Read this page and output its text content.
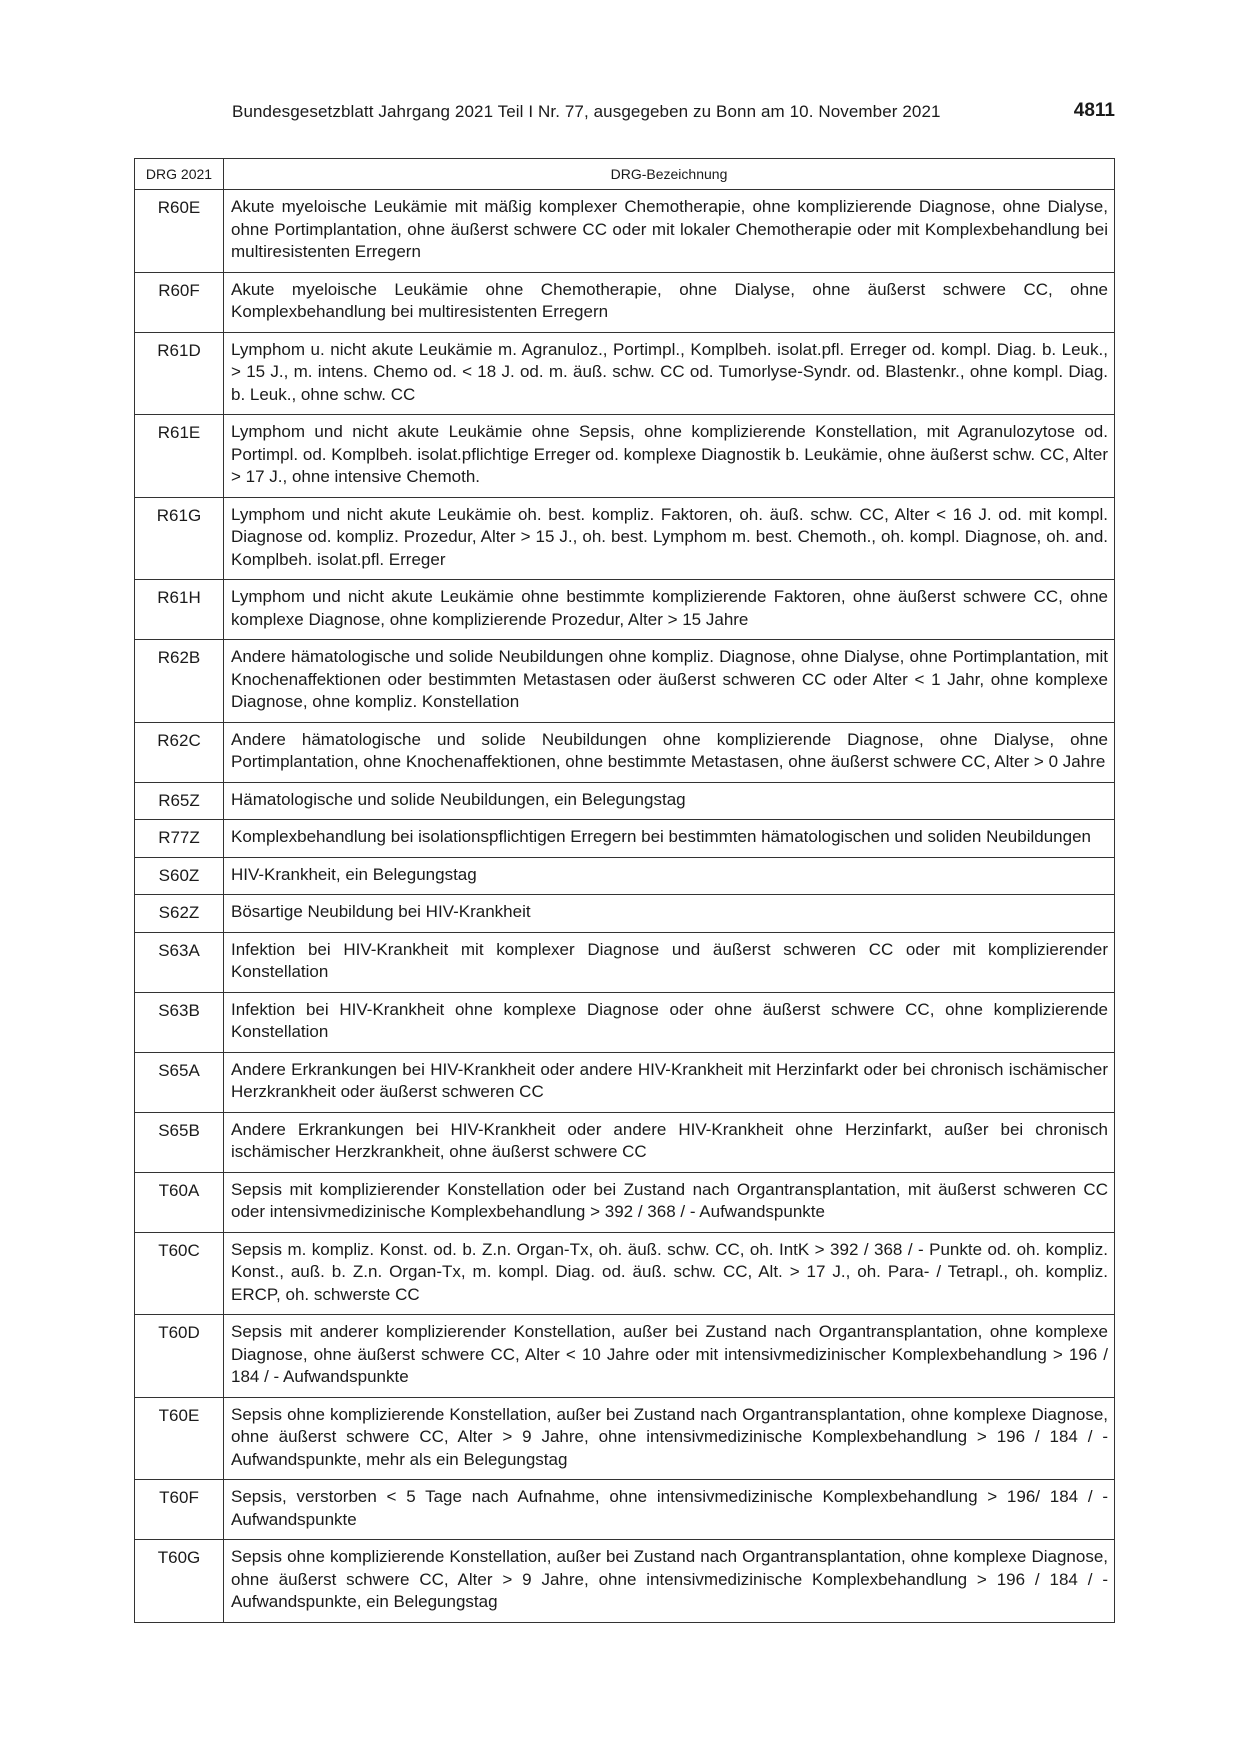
Bundesgesetzblatt Jahrgang 2021 Teil I Nr. 77, ausgegeben zu Bonn am 10. November 2021	4811
DRG 2021	DRG-Bezeichnung
R60E	Akute myeloische Leukämie mit mäßig komplexer Chemotherapie, ohne komplizierende Diagnose, ohne Dialyse, ohne Portimplantation, ohne äußerst schwere CC oder mit lokaler Chemotherapie oder mit Komplexbehandlung bei multiresistenten Erregern
R60F	Akute myeloische Leukämie ohne Chemotherapie, ohne Dialyse, ohne äußerst schwere CC, ohne Komplexbehandlung bei multiresistenten Erregern
R61D	Lymphom u. nicht akute Leukämie m. Agranuloz., Portimpl., Komplbeh. isolat.pfl. Erreger od. kompl. Diag. b. Leuk., > 15 J., m. intens. Chemo od. < 18 J. od. m. äuß. schw. CC od. Tumorlyse-Syndr. od. Blastenkr., ohne kompl. Diag. b. Leuk., ohne schw. CC
R61E	Lymphom und nicht akute Leukämie ohne Sepsis, ohne komplizierende Konstellation, mit Agranulozytose od. Portimpl. od. Komplbeh. isolat.pflichtige Erreger od. komplexe Diagnostik b. Leukämie, ohne äußerst schw. CC, Alter > 17 J., ohne intensive Chemoth.
R61G	Lymphom und nicht akute Leukämie oh. best. kompliz. Faktoren, oh. äuß. schw. CC, Alter < 16 J. od. mit kompl. Diagnose od. kompliz. Prozedur, Alter > 15 J., oh. best. Lymphom m. best. Chemoth., oh. kompl. Diagnose, oh. and. Komplbeh. isolat.pfl. Erreger
R61H	Lymphom und nicht akute Leukämie ohne bestimmte komplizierende Faktoren, ohne äußerst schwere CC, ohne komplexe Diagnose, ohne komplizierende Prozedur, Alter > 15 Jahre
R62B	Andere hämatologische und solide Neubildungen ohne kompliz. Diagnose, ohne Dialyse, ohne Portimplantation, mit Knochenaffektionen oder bestimmten Metastasen oder äußerst schweren CC oder Alter < 1 Jahr, ohne komplexe Diagnose, ohne kompliz. Konstellation
R62C	Andere hämatologische und solide Neubildungen ohne komplizierende Diagnose, ohne Dialyse, ohne Portimplantation, ohne Knochenaffektionen, ohne bestimmte Metastasen, ohne äußerst schwere CC, Alter > 0 Jahre
R65Z	Hämatologische und solide Neubildungen, ein Belegungstag
R77Z	Komplexbehandlung bei isolationspflichtigen Erregern bei bestimmten hämatologischen und soliden Neubildungen
S60Z	HIV-Krankheit, ein Belegungstag
S62Z	Bösartige Neubildung bei HIV-Krankheit
S63A	Infektion bei HIV-Krankheit mit komplexer Diagnose und äußerst schweren CC oder mit komplizierender Konstellation
S63B	Infektion bei HIV-Krankheit ohne komplexe Diagnose oder ohne äußerst schwere CC, ohne komplizierende Konstellation
S65A	Andere Erkrankungen bei HIV-Krankheit oder andere HIV-Krankheit mit Herzinfarkt oder bei chronisch ischämischer Herzkrankheit oder äußerst schweren CC
S65B	Andere Erkrankungen bei HIV-Krankheit oder andere HIV-Krankheit ohne Herzinfarkt, außer bei chronisch ischämischer Herzkrankheit, ohne äußerst schwere CC
T60A	Sepsis mit komplizierender Konstellation oder bei Zustand nach Organtransplantation, mit äußerst schweren CC oder intensivmedizinische Komplexbehandlung > 392 / 368 / - Aufwandspunkte
T60C	Sepsis m. kompliz. Konst. od. b. Z.n. Organ-Tx, oh. äuß. schw. CC, oh. IntK > 392 / 368 / - Punkte od. oh. kompliz. Konst., auß. b. Z.n. Organ-Tx, m. kompl. Diag. od. äuß. schw. CC, Alt. > 17 J., oh. Para- / Tetrapl., oh. kompliz. ERCP, oh. schwerste CC
T60D	Sepsis mit anderer komplizierender Konstellation, außer bei Zustand nach Organtransplantation, ohne komplexe Diagnose, ohne äußerst schwere CC, Alter < 10 Jahre oder mit intensivmedizinischer Komplexbehandlung > 196 / 184 / - Aufwandspunkte
T60E	Sepsis ohne komplizierende Konstellation, außer bei Zustand nach Organtransplantation, ohne komplexe Diagnose, ohne äußerst schwere CC, Alter > 9 Jahre, ohne intensivmedizinische Komplexbehandlung > 196 / 184 / - Aufwandspunkte, mehr als ein Belegungstag
T60F	Sepsis, verstorben < 5 Tage nach Aufnahme, ohne intensivmedizinische Komplexbehandlung > 196/ 184 / - Aufwandspunkte
T60G	Sepsis ohne komplizierende Konstellation, außer bei Zustand nach Organtransplantation, ohne komplexe Diagnose, ohne äußerst schwere CC, Alter > 9 Jahre, ohne intensivmedizinische Komplexbehandlung > 196 / 184 / - Aufwandspunkte, ein Belegungstag
